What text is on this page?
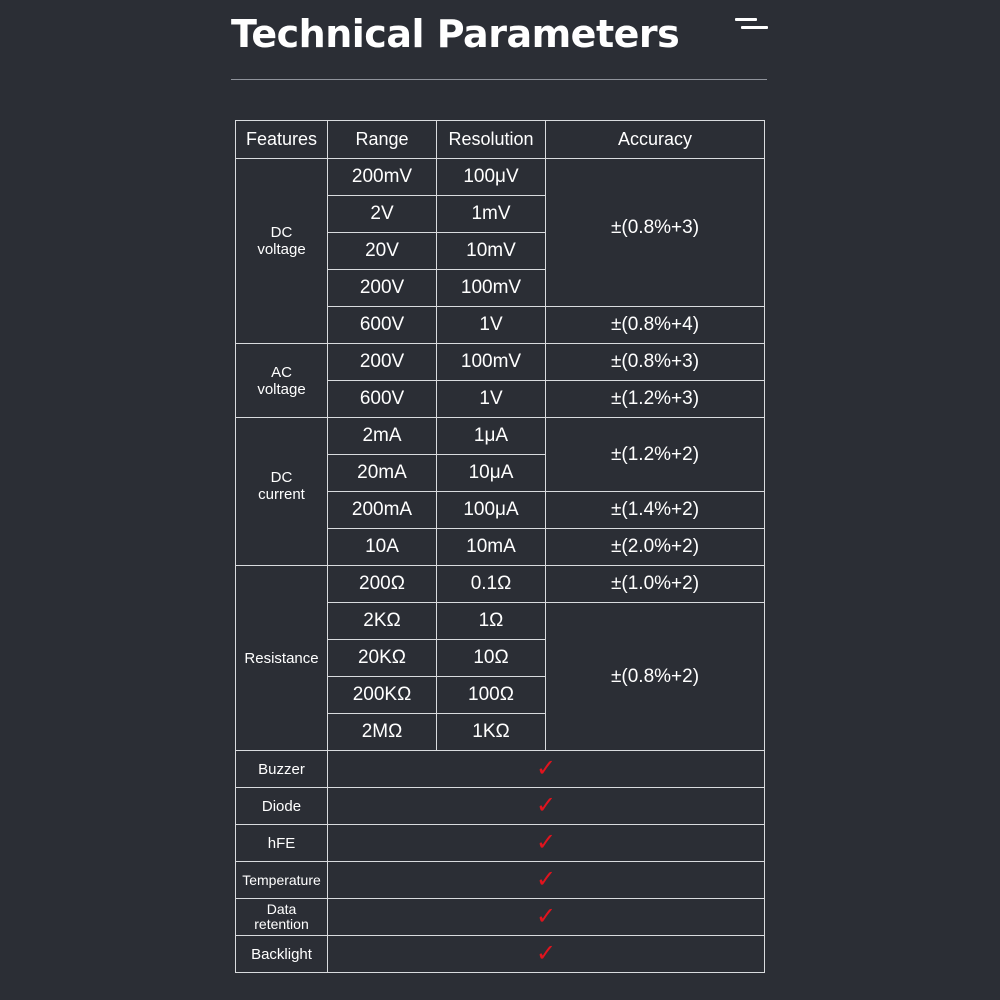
Technical Parameters
Features	Range	Resolution	Accuracy
DC
voltage	200mV	100μV	±(0.8%+3)
	2V	1mV	
	20V	10mV	
	200V	100mV	
	600V	1V	±(0.8%+4)
AC
voltage	200V	100mV	±(0.8%+3)
	600V	1V	±(1.2%+3)
DC
current	2mA	1μA	±(1.2%+2)
	20mA	10μA	
	200mA	100μA	±(1.4%+2)
	10A	10mA	±(2.0%+2)
Resistance	200Ω	0.1Ω	±(1.0%+2)
	2KΩ	1Ω	±(0.8%+2)
	20KΩ	10Ω	
	200KΩ	100Ω	
	2MΩ	1KΩ	
Buzzer	✓		
Diode	✓		
hFE	✓		
Temperature	✓		
Data
retention	✓		
Backlight	✓		
